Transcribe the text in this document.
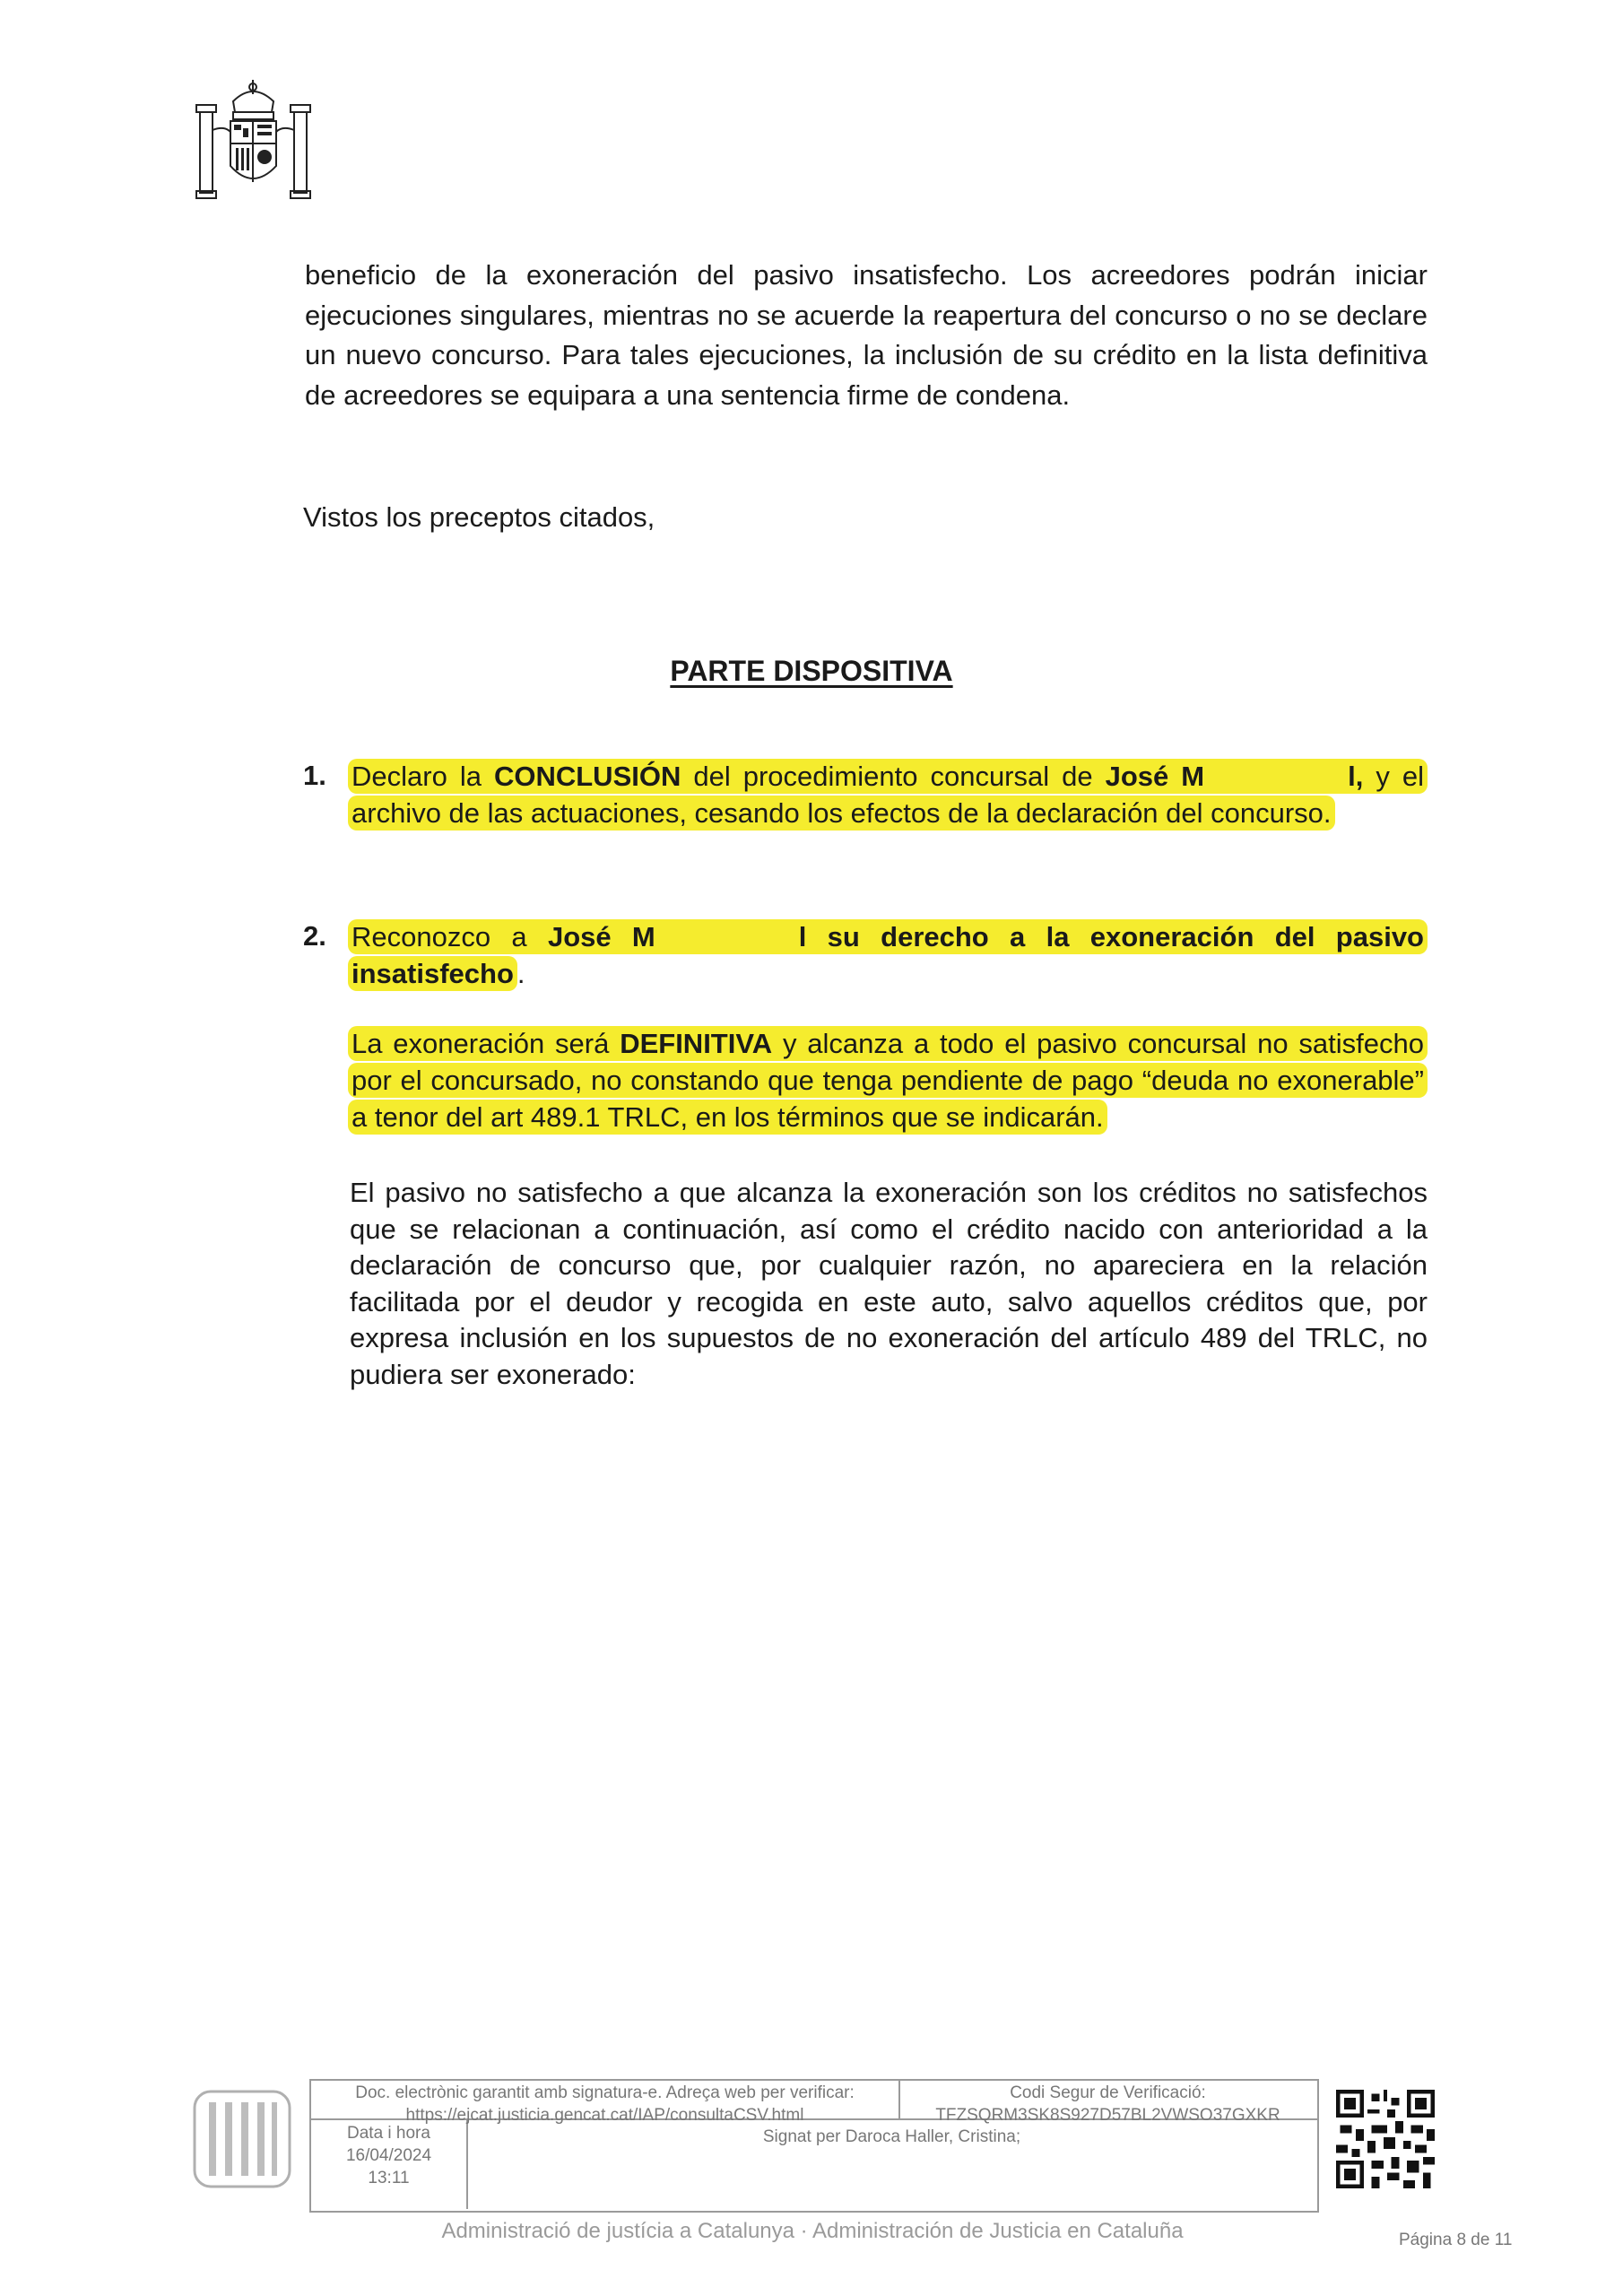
beneficio de la exoneración del pasivo insatisfecho. Los acreedores podrán iniciar ejecuciones singulares, mientras no se acuerde la reapertura del concurso o no se declare un nuevo concurso. Para tales ejecuciones, la inclusión de su crédito en la lista definitiva de acreedores se equipara a una sentencia firme de condena.
Vistos los preceptos citados,
PARTE DISPOSITIVA
1. Declaro la CONCLUSIÓN del procedimiento concursal de José M	l, y el archivo de las actuaciones, cesando los efectos de la declaración del concurso.
2. Reconozco a José M	l su derecho a la exoneración del pasivo insatisfecho .
La exoneración será DEFINITIVA y alcanza a todo el pasivo concursal no satisfecho por el concursado, no constando que tenga pendiente de pago “deuda no exonerable” a tenor del art 489.1 TRLC, en los términos que se indicarán.
El pasivo no satisfecho a que alcanza la exoneración son los créditos no satisfechos que se relacionan a continuación, así como el crédito nacido con anterioridad a la declaración de concurso que, por cualquier razón, no apareciera en la relación facilitada por el deudor y recogida en este auto, salvo aquellos créditos que, por expresa inclusión en los supuestos de no exoneración del artículo 489 del TRLC, no pudiera ser exonerado:
Doc. electrònic garantit amb signatura-e. Adreça web per verificar:
https://ejcat.justicia.gencat.cat/IAP/consultaCSV.html
Codi Segur de Verificació:
TFZSQRM3SK8S927D57BL2VWSO37GXKR
Data i hora
16/04/2024
13:11
Signat per Daroca Haller, Cristina;
Administració de justícia a Catalunya · Administración de Justicia en Cataluña	Página 8 de 11
